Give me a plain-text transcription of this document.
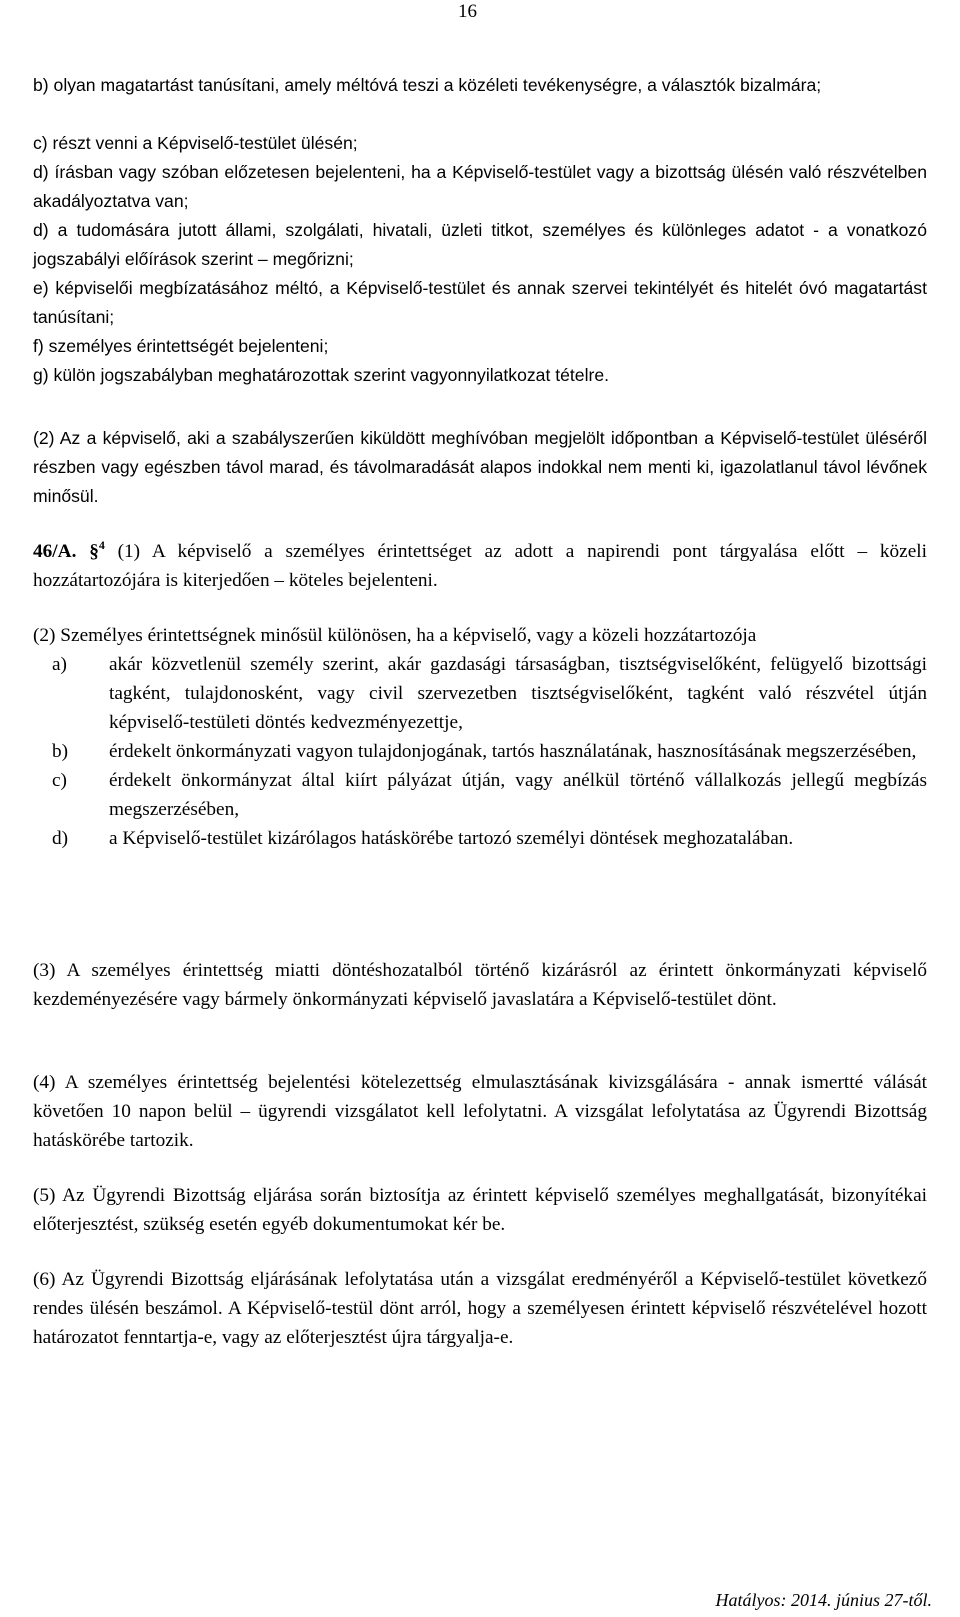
16
b) olyan magatartást tanúsítani, amely méltóvá teszi a közéleti tevékenységre, a választók bizalmára;
c) részt venni a Képviselő-testület ülésén;
d) írásban vagy szóban előzetesen bejelenteni, ha a Képviselő-testület vagy a bizottság ülésén való részvételben akadályoztatva van;
d) a tudomására jutott állami, szolgálati, hivatali, üzleti titkot, személyes és különleges adatot - a vonatkozó jogszabályi előírások szerint – megőrizni;
e) képviselői megbízatásához méltó, a Képviselő-testület és annak szervei tekintélyét és hitelét óvó magatartást tanúsítani;
f) személyes érintettségét bejelenteni;
g) külön jogszabályban meghatározottak szerint vagyonnyilatkozat tételre.
(2) Az a képviselő, aki a szabályszerűen kiküldött meghívóban megjelölt időpontban a Képviselő-testület üléséről részben vagy egészben távol marad, és távolmaradását alapos indokkal nem menti ki, igazolatlanul távol lévőnek minősül.
46/A. §$^4$ (1) A képviselő a személyes érintettséget az adott a napirendi pont tárgyalása előtt – közeli hozzátartozójára is kiterjedően – köteles bejelenteni.
(2) Személyes érintettségnek minősül különösen, ha a képviselő, vagy a közeli hozzátartozója
a) akár közvetlenül személy szerint, akár gazdasági társaságban, tisztségviselőként, felügyelő bizottsági tagként, tulajdonosként, vagy civil szervezetben tisztségviselőként, tagként való részvétel útján képviselő-testületi döntés kedvezményezettje,
b) érdekelt önkormányzati vagyon tulajdonjogának, tartós használatának, hasznosításának megszerzésében,
c) érdekelt önkormányzat által kiírt pályázat útján, vagy anélkül történő vállalkozás jellegű megbízás megszerzésében,
d) a Képviselő-testület kizárólagos hatáskörébe tartozó személyi döntések meghozatalában.
(3) A személyes érintettség miatti döntéshozatalból történő kizárásról az érintett önkormányzati képviselő kezdeményezésére vagy bármely önkormányzati képviselő javaslatára a Képviselő-testület dönt.
(4) A személyes érintettség bejelentési kötelezettség elmulasztásának kivizsgálására - annak ismertté válását követően 10 napon belül – ügyrendi vizsgálatot kell lefolytatni. A vizsgálat lefolytatása az Ügyrendi Bizottság hatáskörébe tartozik.
(5) Az Ügyrendi Bizottság eljárása során biztosítja az érintett képviselő személyes meghallgatását, bizonyítékai előterjesztést, szükség esetén egyéb dokumentumokat kér be.
(6) Az Ügyrendi Bizottság eljárásának lefolytatása után a vizsgálat eredményéről a Képviselő-testület következő rendes ülésén beszámol. A Képviselő-testül dönt arról, hogy a személyesen érintett képviselő részvételével hozott határozatot fenntartja-e, vagy az előterjesztést újra tárgyalja-e.
Hatályos: 2014. június 27-től.
